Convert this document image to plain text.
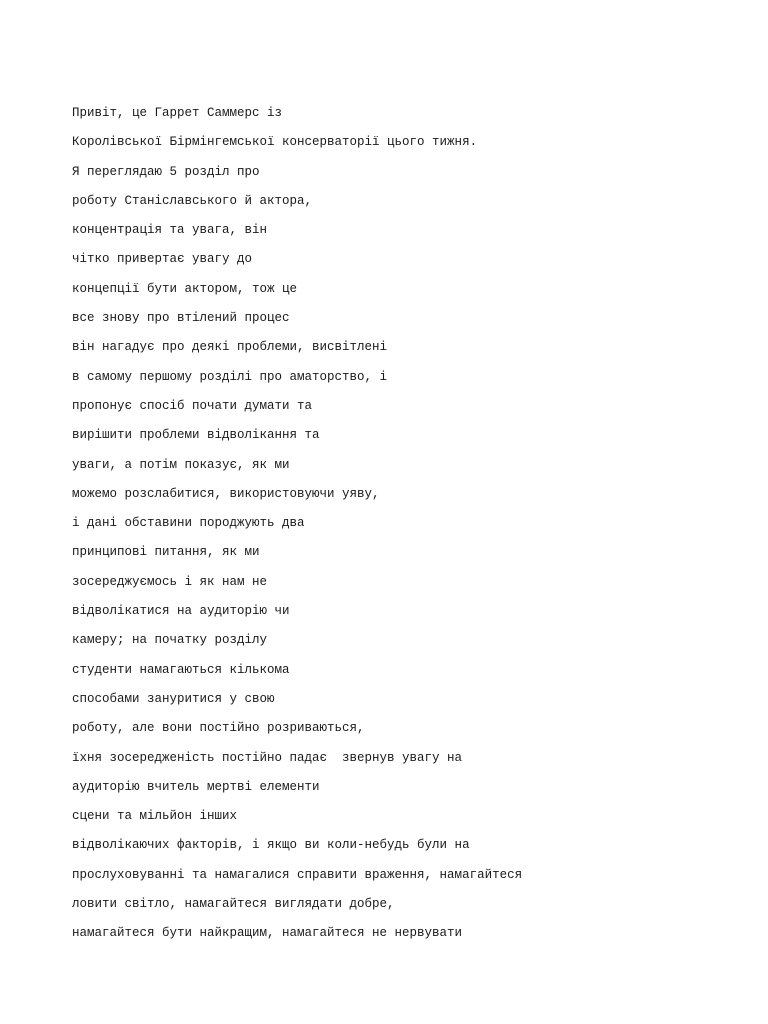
Привіт, це Гаррет Саммерс із
Королівської Бірмінгемської консерваторії цього тижня.
Я переглядаю 5 розділ про
роботу Станіславського й актора,
концентрація та увага, він
чітко привертає увагу до
концепції бути актором, тож це
все знову про втілений процес
він нагадує про деякі проблеми, висвітлені
в самому першому розділі про аматорство, і
пропонує спосіб почати думати та
вирішити проблеми відволікання та
уваги, а потім показує, як ми
можемо розслабитися, використовуючи уяву,
і дані обставини породжують два
принципові питання, як ми
зосереджуємось і як нам не
відволікатися на аудиторію чи
камеру; на початку розділу
студенти намагаються кількома
способами зануритися у свою
роботу, але вони постійно розриваються,
їхня зосередженість постійно падає  звернув увагу на
аудиторію вчитель мертві елементи
сцени та мільйон інших
відволікаючих факторів, і якщо ви коли-небудь були на
прослуховуванні та намагалися справити враження, намагайтеся
ловити світло, намагайтеся виглядати добре,
намагайтеся бути найкращим, намагайтеся не нервувати
